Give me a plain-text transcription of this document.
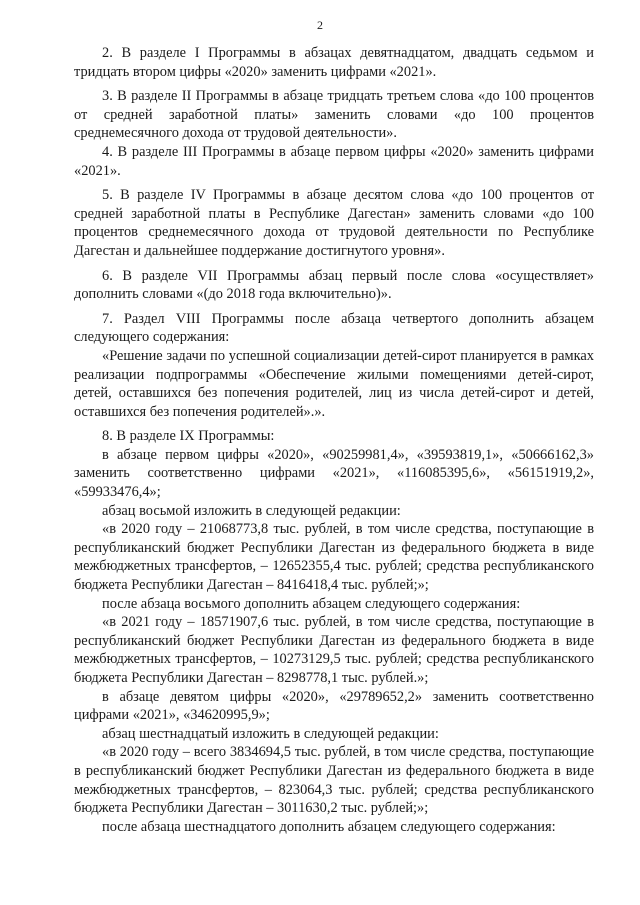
2

2. В разделе I Программы в абзацах девятнадцатом, двадцать седьмом и тридцать втором цифры «2020» заменить цифрами «2021».

3. В разделе II Программы в абзаце тридцать третьем слова «до 100 процентов от средней заработной платы» заменить словами «до 100 процентов среднемесячного дохода от трудовой деятельности».

4. В разделе III Программы в абзаце первом цифры «2020» заменить цифрами «2021».

5. В разделе IV Программы в абзаце десятом слова «до 100 процентов от средней заработной платы в Республике Дагестан» заменить словами «до 100 процентов среднемесячного дохода от трудовой деятельности по Республике Дагестан и дальнейшее поддержание достигнутого уровня».

6. В разделе VII Программы абзац первый после слова «осуществляет» дополнить словами «(до 2018 года включительно)».

7. Раздел VIII Программы после абзаца четвертого дополнить абзацем следующего содержания:

«Решение задачи по успешной социализации детей-сирот планируется в рамках реализации подпрограммы «Обеспечение жилыми помещениями детей-сирот, детей, оставшихся без попечения родителей, лиц из числа детей-сирот и детей, оставшихся без попечения родителей».».

8. В разделе IX Программы:

в абзаце первом цифры «2020», «90259981,4», «39593819,1», «50666162,3» заменить соответственно цифрами «2021», «116085395,6», «56151919,2», «59933476,4»;

абзац восьмой изложить в следующей редакции:

«в 2020 году – 21068773,8 тыс. рублей, в том числе средства, поступающие в республиканский бюджет Республики Дагестан из федерального бюджета в виде межбюджетных трансфертов, – 12652355,4 тыс. рублей; средства республиканского бюджета Республики Дагестан – 8416418,4 тыс. рублей;»;

после абзаца восьмого дополнить абзацем следующего содержания:

«в 2021 году – 18571907,6 тыс. рублей, в том числе средства, поступающие в республиканский бюджет Республики Дагестан из федерального бюджета в виде межбюджетных трансфертов, – 10273129,5 тыс. рублей; средства республиканского бюджета Республики Дагестан – 8298778,1 тыс. рублей.»;

в абзаце девятом цифры «2020», «29789652,2» заменить соответственно цифрами «2021», «34620995,9»;

абзац шестнадцатый изложить в следующей редакции:

«в 2020 году – всего 3834694,5 тыс. рублей, в том числе средства, поступающие в республиканский бюджет Республики Дагестан из федерального бюджета в виде межбюджетных трансфертов, – 823064,3 тыс. рублей; средства республиканского бюджета Республики Дагестан – 3011630,2 тыс. рублей;»;

после абзаца шестнадцатого дополнить абзацем следующего содержания:
